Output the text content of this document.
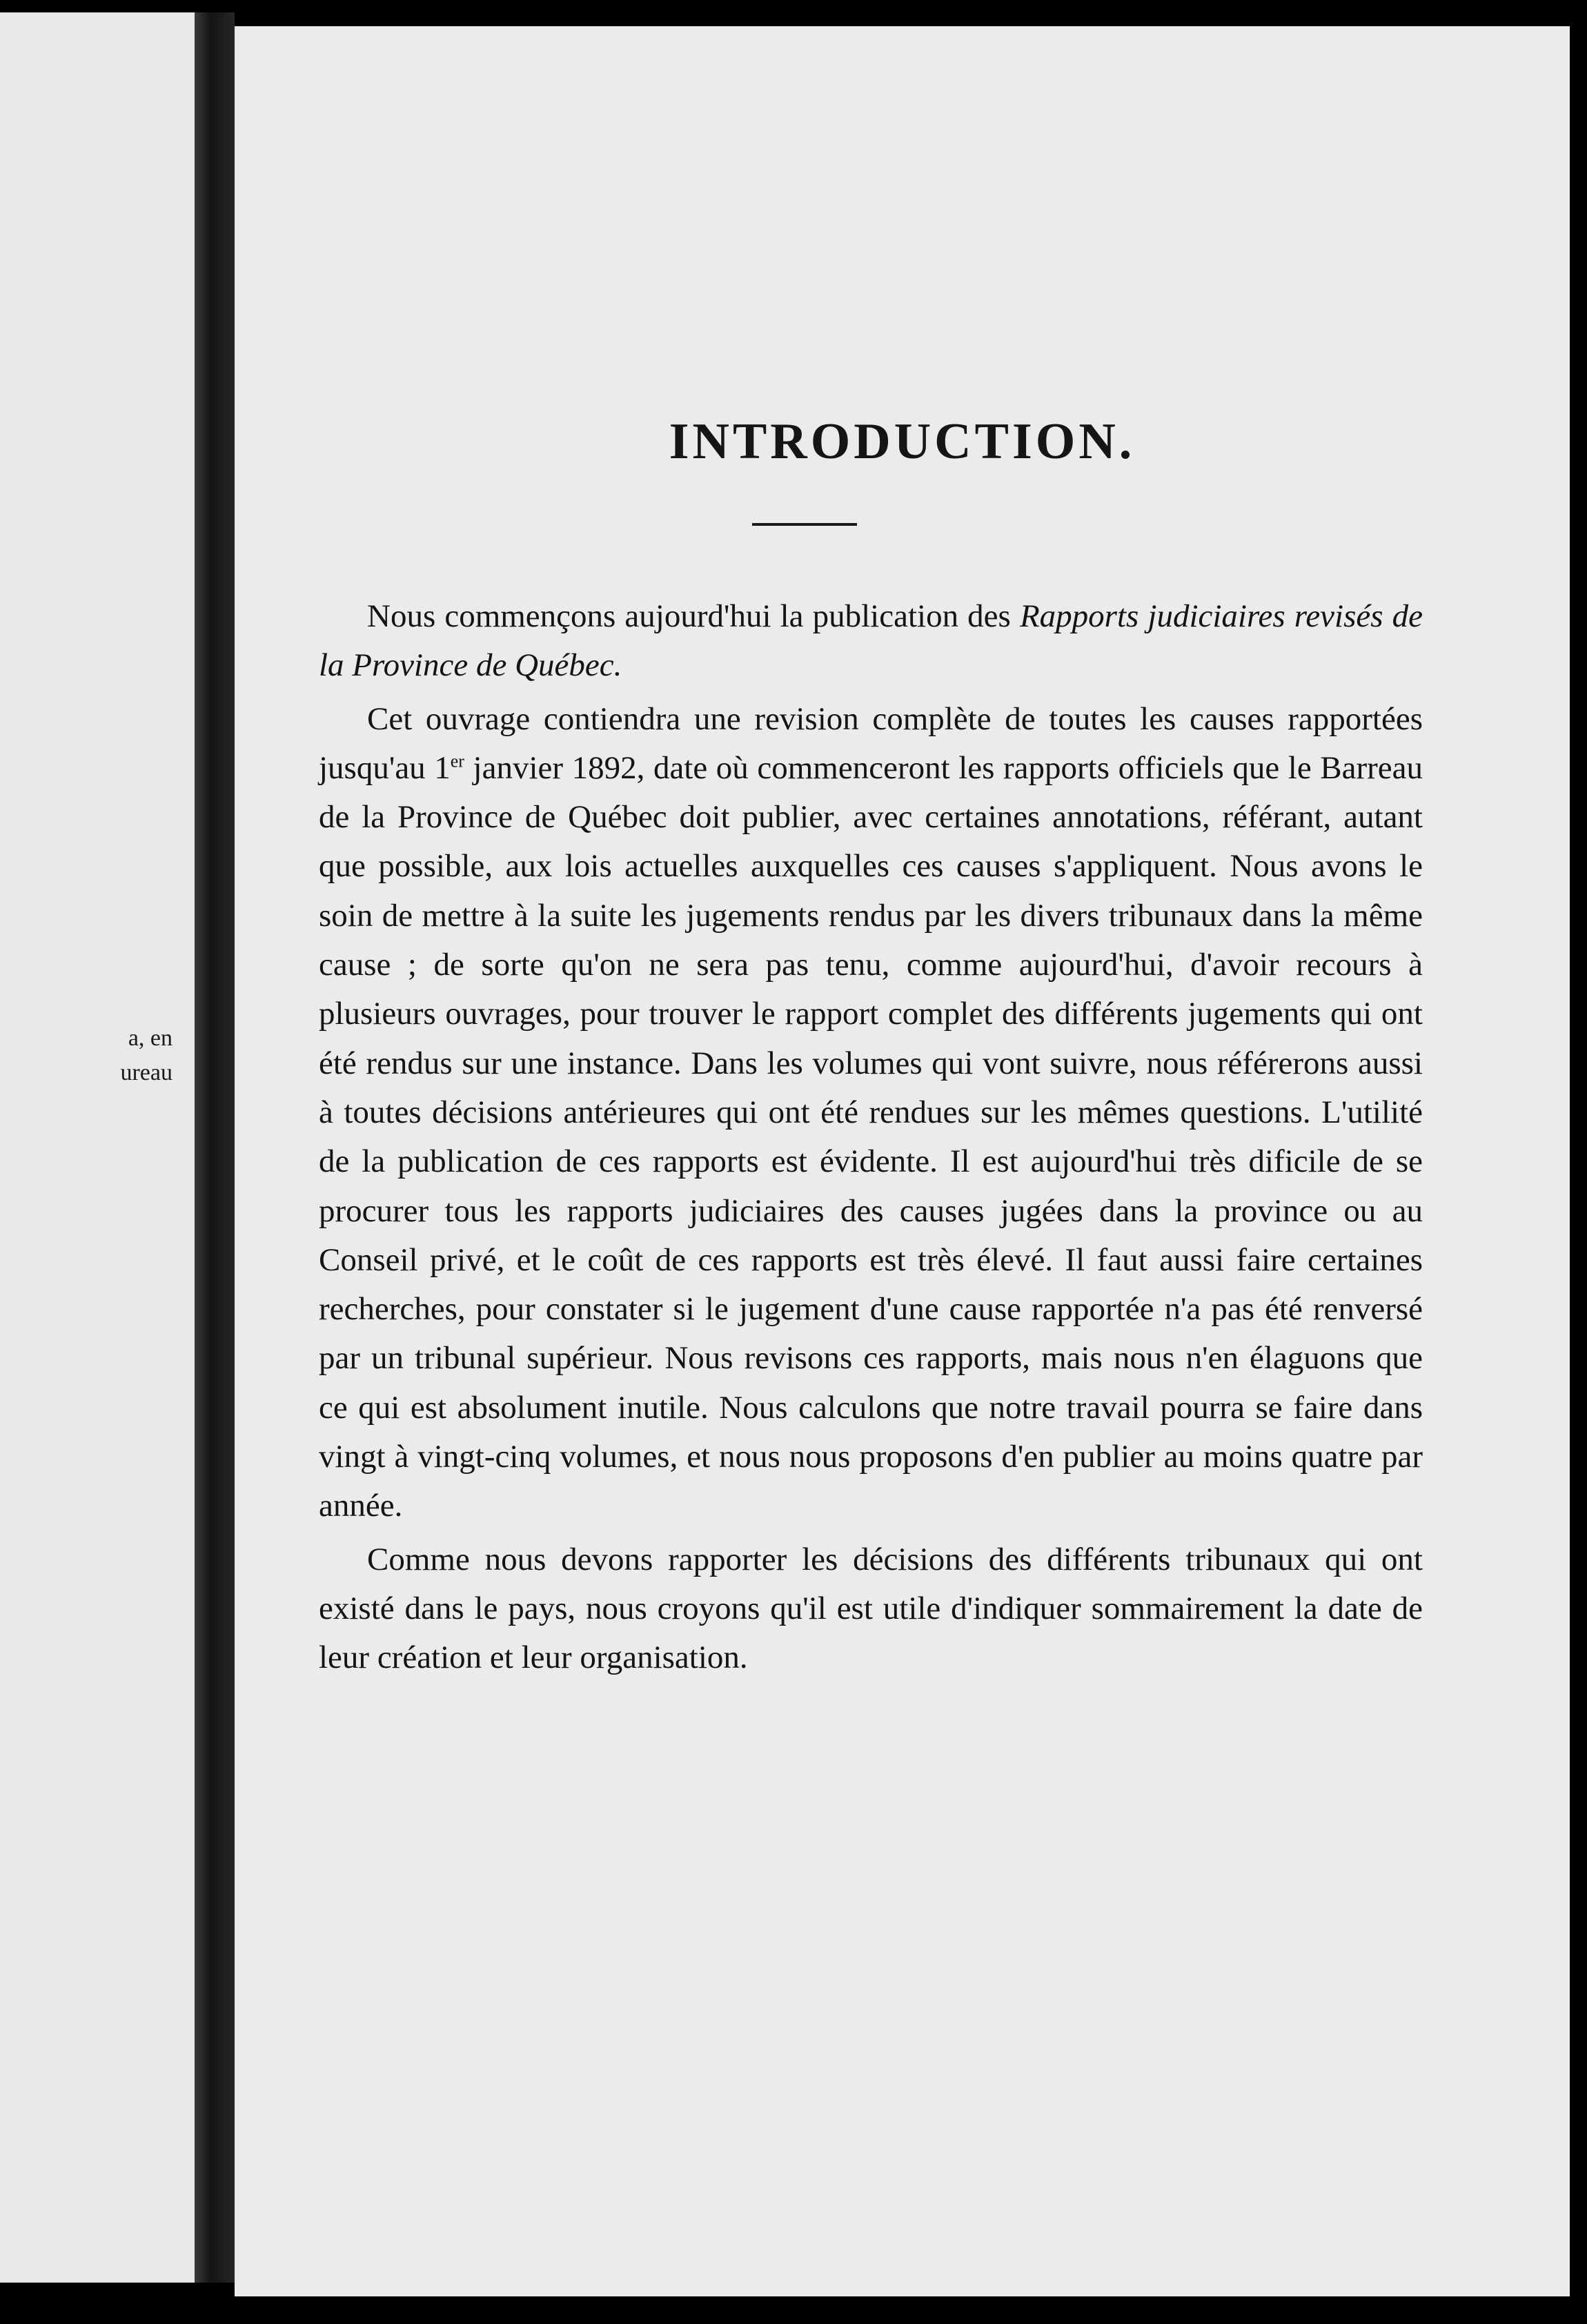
a, en
ureau
INTRODUCTION.

Nous commençons aujourd'hui la publication des Rapports judiciaires revisés de la Province de Québec.

Cet ouvrage contiendra une revision complète de toutes les causes rapportées jusqu'au 1er janvier 1892, date où commenceront les rapports officiels que le Barreau de la Province de Québec doit publier, avec certaines annotations, référant, autant que possible, aux lois actuelles auxquelles ces causes s'appliquent. Nous avons le soin de mettre à la suite les jugements rendus par les divers tribunaux dans la même cause ; de sorte qu'on ne sera pas tenu, comme aujourd'hui, d'avoir recours à plusieurs ouvrages, pour trouver le rapport complet des différents jugements qui ont été rendus sur une instance. Dans les volumes qui vont suivre, nous référerons aussi à toutes décisions antérieures qui ont été rendues sur les mêmes questions. L'utilité de la publication de ces rapports est évidente. Il est aujourd'hui très dificile de se procurer tous les rapports judiciaires des causes jugées dans la province ou au Conseil privé, et le coût de ces rapports est très élevé. Il faut aussi faire certaines recherches, pour constater si le jugement d'une cause rapportée n'a pas été renversé par un tribunal supérieur. Nous revisons ces rapports, mais nous n'en élaguons que ce qui est absolument inutile. Nous calculons que notre travail pourra se faire dans vingt à vingt-cinq volumes, et nous nous proposons d'en publier au moins quatre par année.

Comme nous devons rapporter les décisions des différents tribunaux qui ont existé dans le pays, nous croyons qu'il est utile d'indiquer sommairement la date de leur création et leur organisation.
